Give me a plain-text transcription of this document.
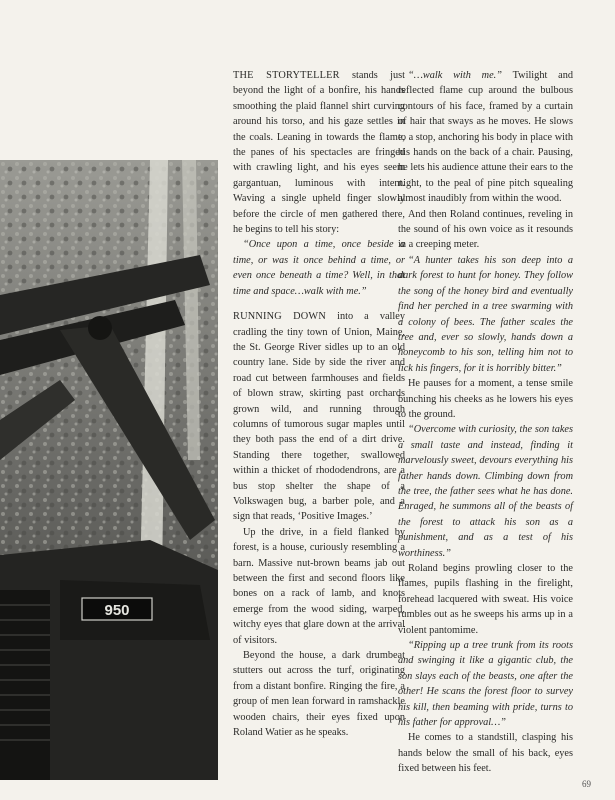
950

THE STORYTELLER stands just beyond the light of a bonfire, his hands smoothing the plaid flannel shirt curving around his torso, and his gaze settles in the coals. Leaning in towards the flame, the panes of his spectacles are fringed with crawling light, and his eyes seem gargantuan, luminous with intent. Waving a single upheld finger slowly before the circle of men gathered there, he begins to tell his story:

“Once upon a time, once beside a time, or was it once behind a time, or even once beneath a time? Well, in that time and space…walk with me.”

RUNNING DOWN into a valley cradling the tiny town of Union, Maine, the St. George River sidles up to an old country lane. Side by side the river and road cut between farmhouses and fields of blown straw, skirting past orchards grown wild, and running through columns of tumorous sugar maples until they both pass the end of a dirt drive. Standing there together, swallowed within a thicket of rhododendrons, are a bus stop shelter the shape of a Volkswagen bug, a barber pole, and a sign that reads, ‘Positive Images.’

Up the drive, in a field flanked by forest, is a house, curiously resembling a barn. Massive nut-brown beams jab out between the first and second floors like bones on a rack of lamb, and knots emerge from the wood siding, warped, witchy eyes that glare down at the arrival of visitors.

Beyond the house, a dark drumbeat stutters out across the turf, originating from a distant bonfire. Ringing the fire, a group of men lean forward in ramshackle wooden chairs, their eyes fixed upon Roland Watier as he speaks.

“…walk with me.” Twilight and reflected flame cup around the bulbous contours of his face, framed by a curtain of hair that sways as he moves. He slows to a stop, anchoring his body in place with his hands on the back of a chair. Pausing, he lets his audience attune their ears to the night, to the peal of pine pitch squealing almost inaudibly from within the wood.

And then Roland continues, reveling in the sound of his own voice as it resounds in a creeping meter.

“A hunter takes his son deep into a dark forest to hunt for honey. They follow the song of the honey bird and eventually find her perched in a tree swarming with a colony of bees. The father scales the tree and, ever so slowly, hands down a honeycomb to his son, telling him not to lick his fingers, for it is horribly bitter.”

He pauses for a moment, a tense smile bunching his cheeks as he lowers his eyes to the ground.

“Overcome with curiosity, the son takes a small taste and instead, finding it marvelously sweet, devours everything his father hands down. Climbing down from the tree, the father sees what he has done. Enraged, he summons all of the beasts of the forest to attack his son as a punishment, and as a test of his worthiness.”

Roland begins prowling closer to the flames, pupils flashing in the firelight, forehead lacquered with sweat. His voice rumbles out as he sweeps his arms up in a violent pantomime.

“Ripping up a tree trunk from its roots and swinging it like a gigantic club, the son slays each of the beasts, one after the other! He scans the forest floor to survey his kill, then beaming with pride, turns to his father for approval…”

He comes to a standstill, clasping his hands below the small of his back, eyes fixed between his feet.

69
